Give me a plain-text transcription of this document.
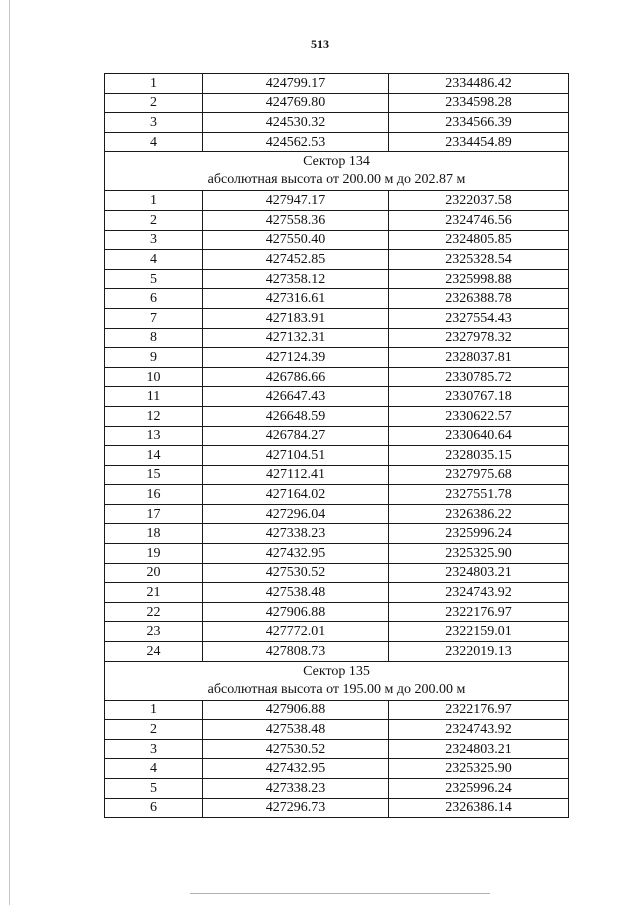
513
1	424799.17	2334486.42
2	424769.80	2334598.28
3	424530.32	2334566.39
4	424562.53	2334454.89

Сектор 134
абсолютная высота от 200.00 м до 202.87 м		

1	427947.17	2322037.58
2	427558.36	2324746.56
3	427550.40	2324805.85
4	427452.85	2325328.54
5	427358.12	2325998.88
6	427316.61	2326388.78
7	427183.91	2327554.43
8	427132.31	2327978.32
9	427124.39	2328037.81
10	426786.66	2330785.72
11	426647.43	2330767.18
12	426648.59	2330622.57
13	426784.27	2330640.64
14	427104.51	2328035.15
15	427112.41	2327975.68
16	427164.02	2327551.78
17	427296.04	2326386.22
18	427338.23	2325996.24
19	427432.95	2325325.90
20	427530.52	2324803.21
21	427538.48	2324743.92
22	427906.88	2322176.97
23	427772.01	2322159.01
24	427808.73	2322019.13

Сектор 135
абсолютная высота от 195.00 м до 200.00 м		

1	427906.88	2322176.97
2	427538.48	2324743.92
3	427530.52	2324803.21
4	427432.95	2325325.90
5	427338.23	2325996.24
6	427296.73	2326386.14
